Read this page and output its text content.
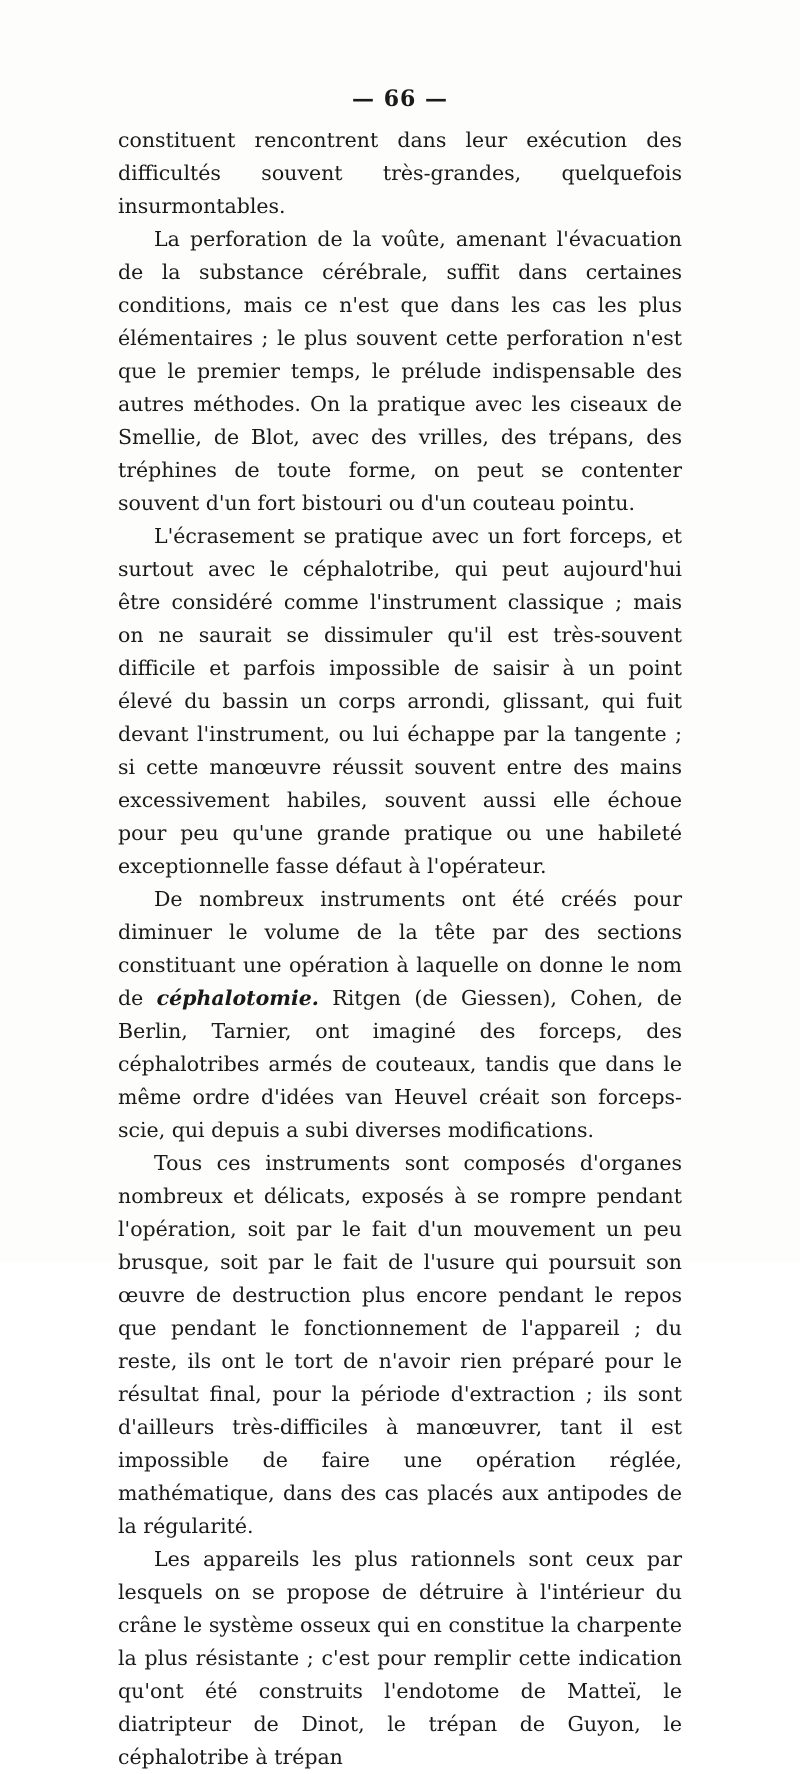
— 66 —

constituent rencontrent dans leur exécution des difficultés souvent très-grandes, quelquefois insurmontables.

La perforation de la voûte, amenant l'évacuation de la substance cérébrale, suffit dans certaines conditions, mais ce n'est que dans les cas les plus élémentaires ; le plus souvent cette perforation n'est que le premier temps, le prélude indispensable des autres méthodes. On la pratique avec les ciseaux de Smellie, de Blot, avec des vrilles, des trépans, des tréphines de toute forme, on peut se contenter souvent d'un fort bistouri ou d'un couteau pointu.

L'écrasement se pratique avec un fort forceps, et surtout avec le céphalotribe, qui peut aujourd'hui être considéré comme l'instrument classique ; mais on ne saurait se dissimuler qu'il est très-souvent difficile et parfois impossible de saisir à un point élevé du bassin un corps arrondi, glissant, qui fuit devant l'instrument, ou lui échappe par la tangente ; si cette manœuvre réussit souvent entre des mains excessivement habiles, souvent aussi elle échoue pour peu qu'une grande pratique ou une habileté exceptionnelle fasse défaut à l'opérateur.

De nombreux instruments ont été créés pour diminuer le volume de la tête par des sections constituant une opération à laquelle on donne le nom de céphalotomie. Ritgen (de Giessen), Cohen, de Berlin, Tarnier, ont imaginé des forceps, des céphalotribes armés de couteaux, tandis que dans le même ordre d'idées van Heuvel créait son forceps-scie, qui depuis a subi diverses modifications.

Tous ces instruments sont composés d'organes nombreux et délicats, exposés à se rompre pendant l'opération, soit par le fait d'un mouvement un peu brusque, soit par le fait de l'usure qui poursuit son œuvre de destruction plus encore pendant le repos que pendant le fonctionnement de l'appareil ; du reste, ils ont le tort de n'avoir rien préparé pour le résultat final, pour la période d'extraction ; ils sont d'ailleurs très-difficiles à manœuvrer, tant il est impossible de faire une opération réglée, mathématique, dans des cas placés aux antipodes de la régularité.

Les appareils les plus rationnels sont ceux par lesquels on se propose de détruire à l'intérieur du crâne le système osseux qui en constitue la charpente la plus résistante ; c'est pour remplir cette indication qu'ont été construits l'endotome de Matteï, le diatripteur de Dinot, le trépan de Guyon, le céphalotribe à trépan
